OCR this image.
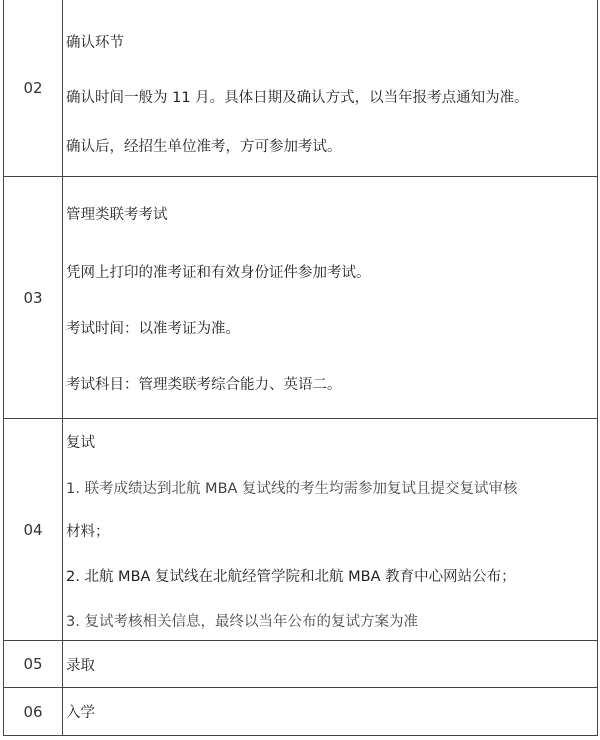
02
确认环节
确认时间一般为 11 月。具体日期及确认方式，以当年报考点通知为准。
确认后，经招生单位准考，方可参加考试。
03
管理类联考考试
凭网上打印的准考证和有效身份证件参加考试。
考试时间：以准考证为准。
考试科目：管理类联考综合能力、英语二。
04
复试
1. 联考成绩达到北航 MBA 复试线的考生均需参加复试且提交复试审核
材料；
2. 北航 MBA 复试线在北航经管学院和北航 MBA 教育中心网站公布；
3. 复试考核相关信息，最终以当年公布的复试方案为准
05	录取
06	入学
